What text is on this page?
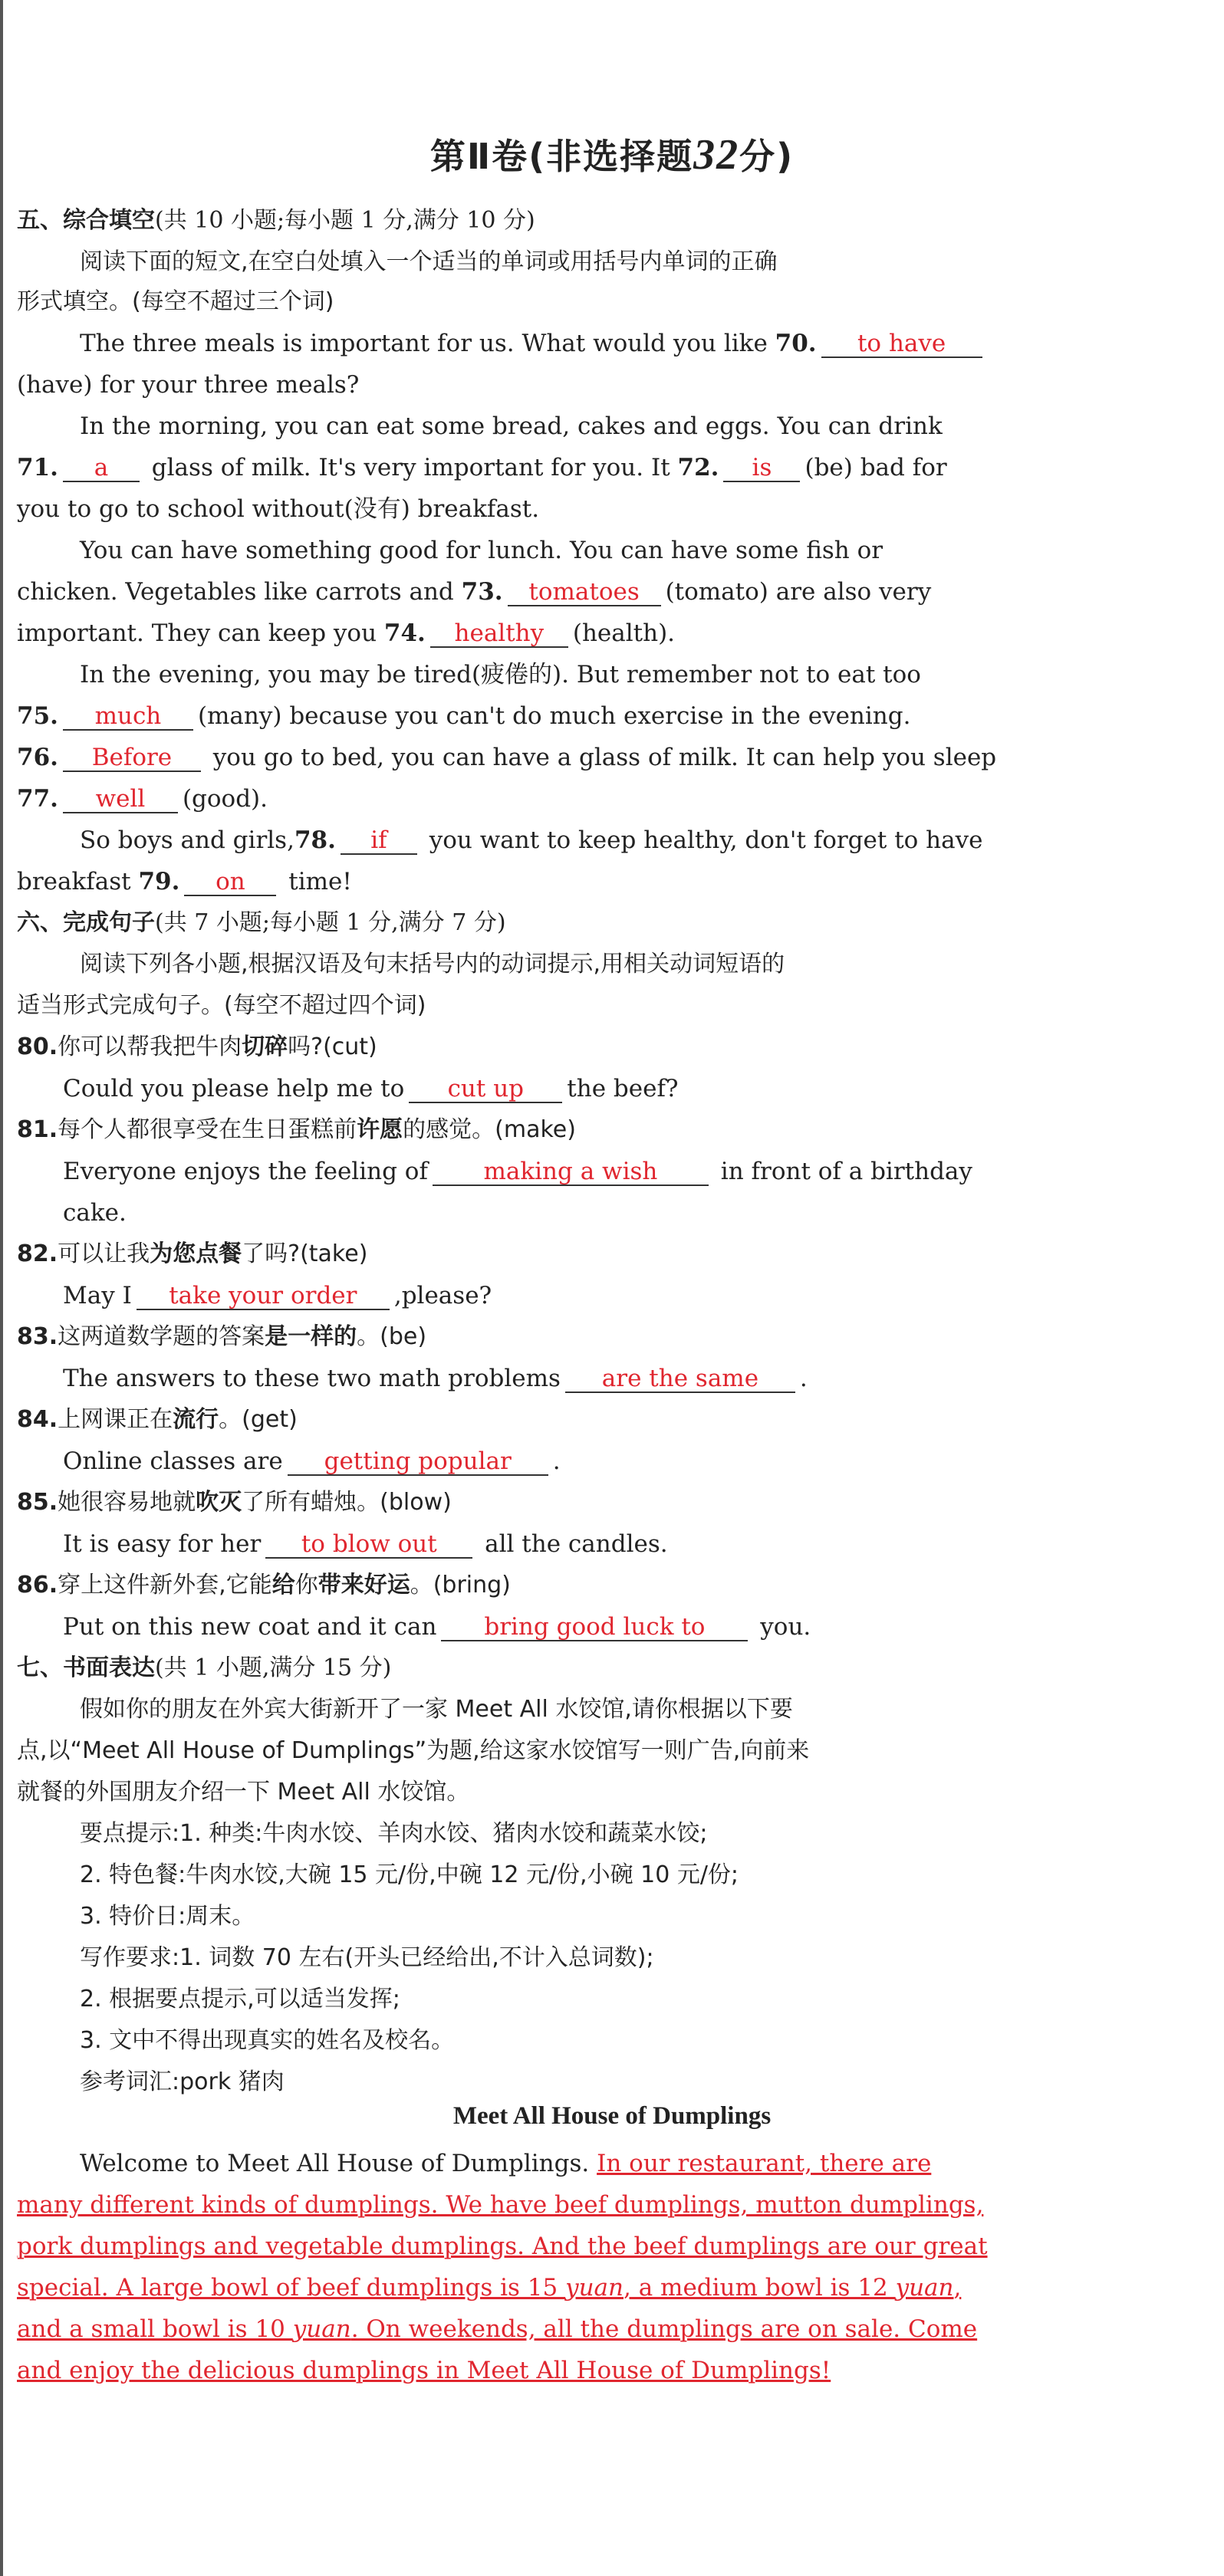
第Ⅱ卷(非选择题32分)
五、综合填空(共 10 小题;每小题 1 分,满分 10 分)
阅读下面的短文,在空白处填入一个适当的单词或用括号内单词的正确
形式填空。(每空不超过三个词)
The three meals is important for us. What would you like 70. to have
(have) for your three meals?
In the morning, you can eat some bread, cakes and eggs. You can drink
71. a glass of milk. It's very important for you. It 72. is (be) bad for
you to go to school without(没有) breakfast.
You can have something good for lunch. You can have some fish or
chicken. Vegetables like carrots and 73. tomatoes (tomato) are also very
important. They can keep you 74. healthy (health).
In the evening, you may be tired(疲倦的). But remember not to eat too
75. much (many) because you can't do much exercise in the evening.
76. Before you go to bed, you can have a glass of milk. It can help you sleep
77. well (good).
So boys and girls,78. if you want to keep healthy, don't forget to have
breakfast 79. on time!
六、完成句子(共 7 小题;每小题 1 分,满分 7 分)
阅读下列各小题,根据汉语及句末括号内的动词提示,用相关动词短语的
适当形式完成句子。(每空不超过四个词)
80.你可以帮我把牛肉切碎吗?(cut)
Could you please help me to cut up the beef?
81.每个人都很享受在生日蛋糕前许愿的感觉。(make)
Everyone enjoys the feeling of making a wish	in front of a birthday
cake.
82.可以让我为您点餐了吗?(take)
May I take your order ,please?
83.这两道数学题的答案是一样的。(be)
The answers to these two math problems are the same .
84.上网课正在流行。(get)
Online classes are getting popular .
85.她很容易地就吹灭了所有蜡烛。(blow)
It is easy for her to blow out all the candles.
86.穿上这件新外套,它能给你带来好运。(bring)
Put on this new coat and it can bring good luck to you.
七、书面表达(共 1 小题,满分 15 分)
假如你的朋友在外宾大街新开了一家 Meet All 水饺馆,请你根据以下要
点,以“Meet All House of Dumplings”为题,给这家水饺馆写一则广告,向前来
就餐的外国朋友介绍一下 Meet All 水饺馆。
要点提示:1. 种类:牛肉水饺、羊肉水饺、猪肉水饺和蔬菜水饺;
2. 特色餐:牛肉水饺,大碗 15 元/份,中碗 12 元/份,小碗 10 元/份;
3. 特价日:周末。
写作要求:1. 词数 70 左右(开头已经给出,不计入总词数);
2. 根据要点提示,可以适当发挥;
3. 文中不得出现真实的姓名及校名。
参考词汇:pork 猪肉
Meet All House of Dumplings
Welcome to Meet All House of Dumplings. In our restaurant, there are
many different kinds of dumplings. We have beef dumplings, mutton dumplings,
pork dumplings and vegetable dumplings. And the beef dumplings are our great
special. A large bowl of beef dumplings is 15 yuan, a medium bowl is 12 yuan,
and a small bowl is 10 yuan. On weekends, all the dumplings are on sale. Come
and enjoy the delicious dumplings in Meet All House of Dumplings!
